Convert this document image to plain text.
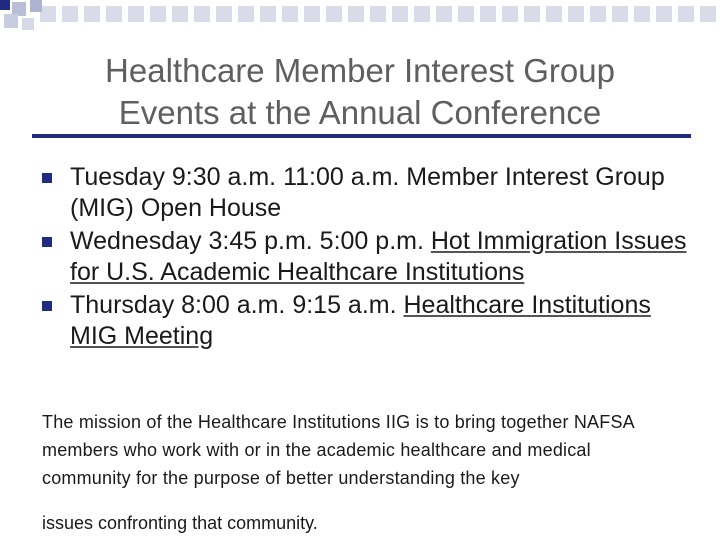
Healthcare Member Interest Group
Events at the Annual Conference
Tuesday 9:30 a.m. 11:00 a.m. Member Interest Group (MIG) Open House
Wednesday 3:45 p.m. 5:00 p.m. Hot Immigration Issues for U.S. Academic Healthcare Institutions
Thursday 8:00 a.m. 9:15 a.m. Healthcare Institutions MIG Meeting
The mission of the Healthcare Institutions IIG is to bring together NAFSA members who work with or in the academic healthcare and medical community for the purpose of better understanding the key
issues confronting that community.
